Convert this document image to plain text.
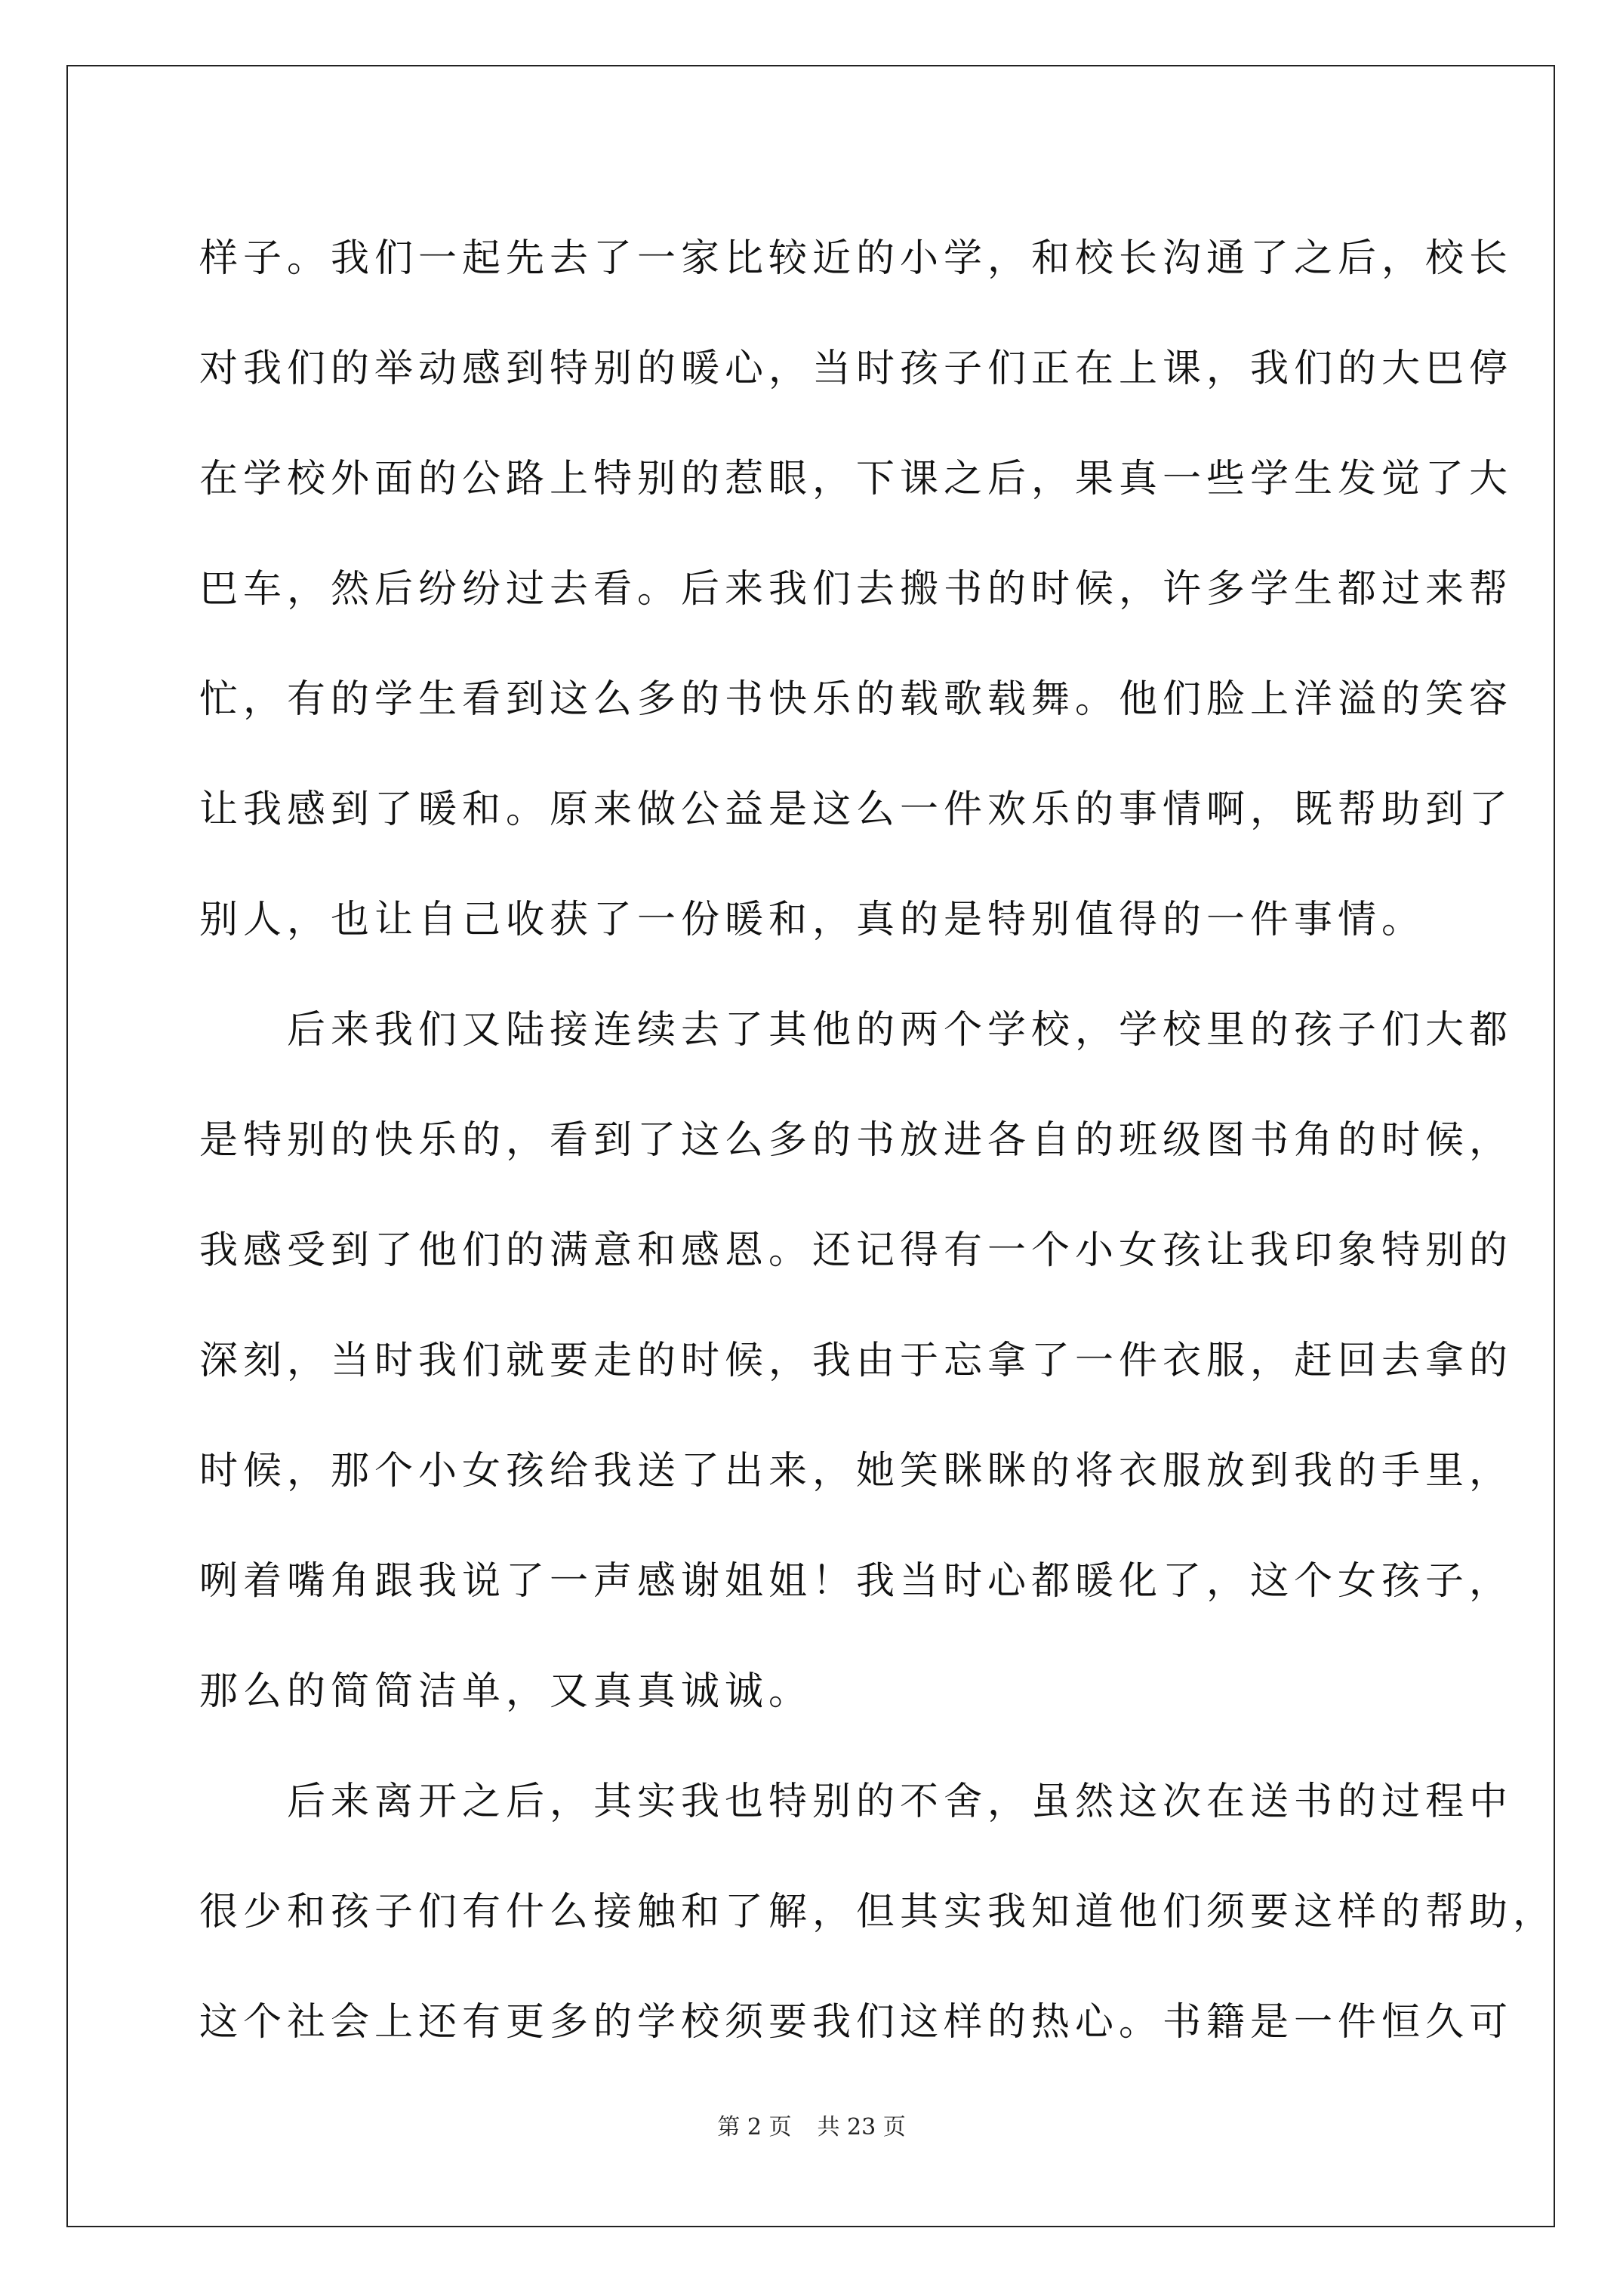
样子。我们一起先去了一家比较近的小学，和校长沟通了之后，校长

对我们的举动感到特别的暖心，当时孩子们正在上课，我们的大巴停

在学校外面的公路上特别的惹眼，下课之后，果真一些学生发觉了大

巴车，然后纷纷过去看。后来我们去搬书的时候，许多学生都过来帮

忙，有的学生看到这么多的书快乐的载歌载舞。他们脸上洋溢的笑容

让我感到了暖和。原来做公益是这么一件欢乐的事情啊，既帮助到了

别人，也让自己收获了一份暖和，真的是特别值得的一件事情。

　　后来我们又陆接连续去了其他的两个学校，学校里的孩子们大都

是特别的快乐的，看到了这么多的书放进各自的班级图书角的时候，

我感受到了他们的满意和感恩。还记得有一个小女孩让我印象特别的

深刻，当时我们就要走的时候，我由于忘拿了一件衣服，赶回去拿的

时候，那个小女孩给我送了出来，她笑眯眯的将衣服放到我的手里，

咧着嘴角跟我说了一声感谢姐姐！我当时心都暖化了，这个女孩子，

那么的简简洁单，又真真诚诚。

　　后来离开之后，其实我也特别的不舍，虽然这次在送书的过程中

很少和孩子们有什么接触和了解，但其实我知道他们须要这样的帮助，

这个社会上还有更多的学校须要我们这样的热心。书籍是一件恒久可

第 2 页 共 23 页
